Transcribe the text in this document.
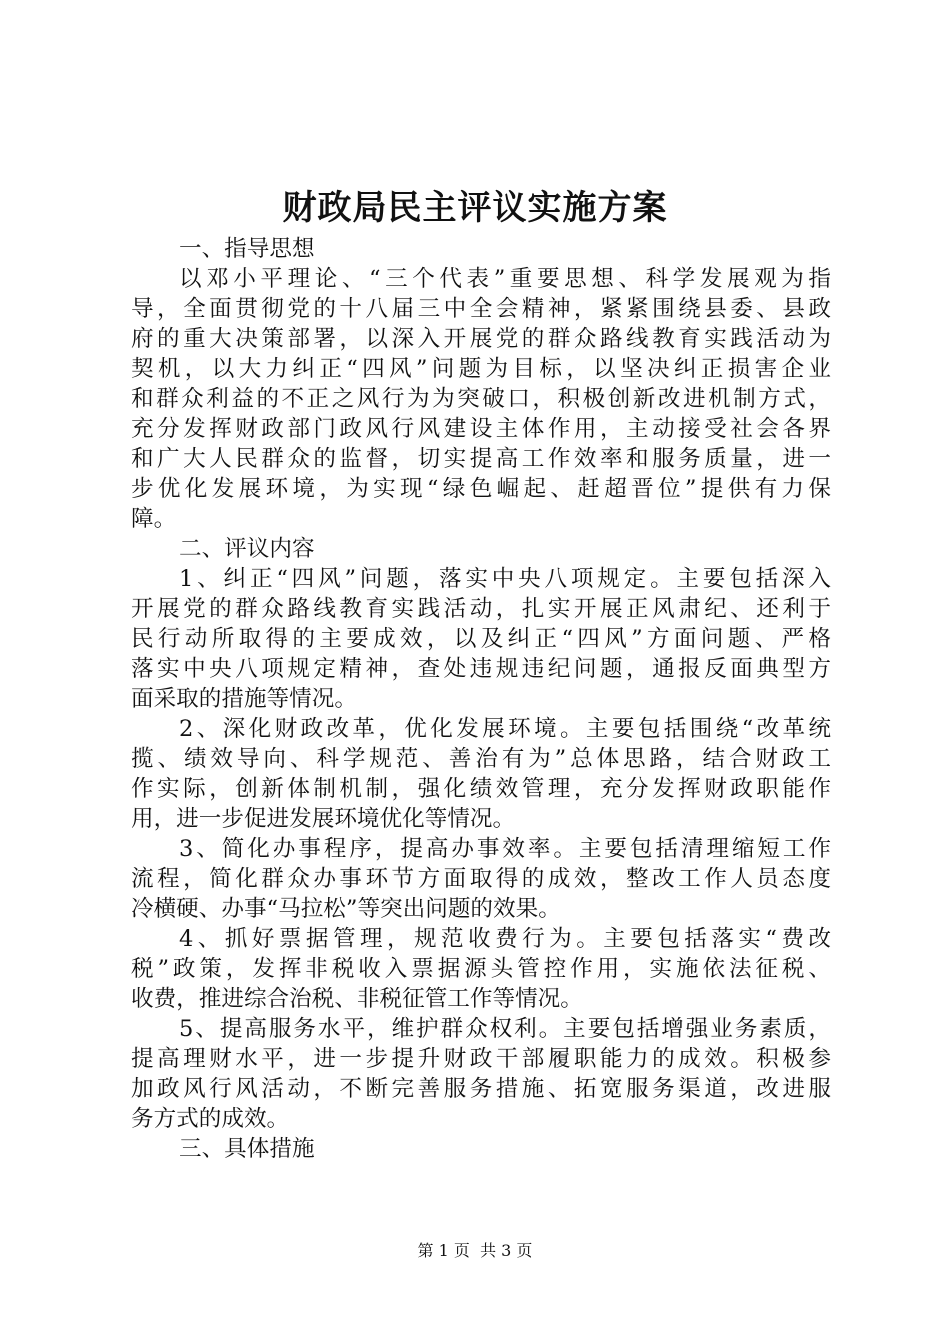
财政局民主评议实施方案
一、指导思想
以邓小平理论、“三个代表”重要思想、科学发展观为指
导，全面贯彻党的十八届三中全会精神，紧紧围绕县委、县政
府的重大决策部署，以深入开展党的群众路线教育实践活动为
契机，以大力纠正“四风”问题为目标，以坚决纠正损害企业
和群众利益的不正之风行为为突破口，积极创新改进机制方式，
充分发挥财政部门政风行风建设主体作用，主动接受社会各界
和广大人民群众的监督，切实提高工作效率和服务质量，进一
步优化发展环境，为实现“绿色崛起、赶超晋位”提供有力保
障。
二、评议内容
1、纠正“四风”问题，落实中央八项规定。主要包括深入
开展党的群众路线教育实践活动，扎实开展正风肃纪、还利于
民行动所取得的主要成效，以及纠正“四风”方面问题、严格
落实中央八项规定精神，查处违规违纪问题，通报反面典型方
面采取的措施等情况。
2、深化财政改革，优化发展环境。主要包括围绕“改革统
揽、绩效导向、科学规范、善治有为”总体思路，结合财政工
作实际，创新体制机制，强化绩效管理，充分发挥财政职能作
用，进一步促进发展环境优化等情况。
3、简化办事程序，提高办事效率。主要包括清理缩短工作
流程，简化群众办事环节方面取得的成效，整改工作人员态度
冷横硬、办事“马拉松”等突出问题的效果。
4、抓好票据管理，规范收费行为。主要包括落实“费改
税”政策，发挥非税收入票据源头管控作用，实施依法征税、
收费，推进综合治税、非税征管工作等情况。
5、提高服务水平，维护群众权利。主要包括增强业务素质，
提高理财水平，进一步提升财政干部履职能力的成效。积极参
加政风行风活动，不断完善服务措施、拓宽服务渠道，改进服
务方式的成效。
三、具体措施
第 1 页  共 3 页
